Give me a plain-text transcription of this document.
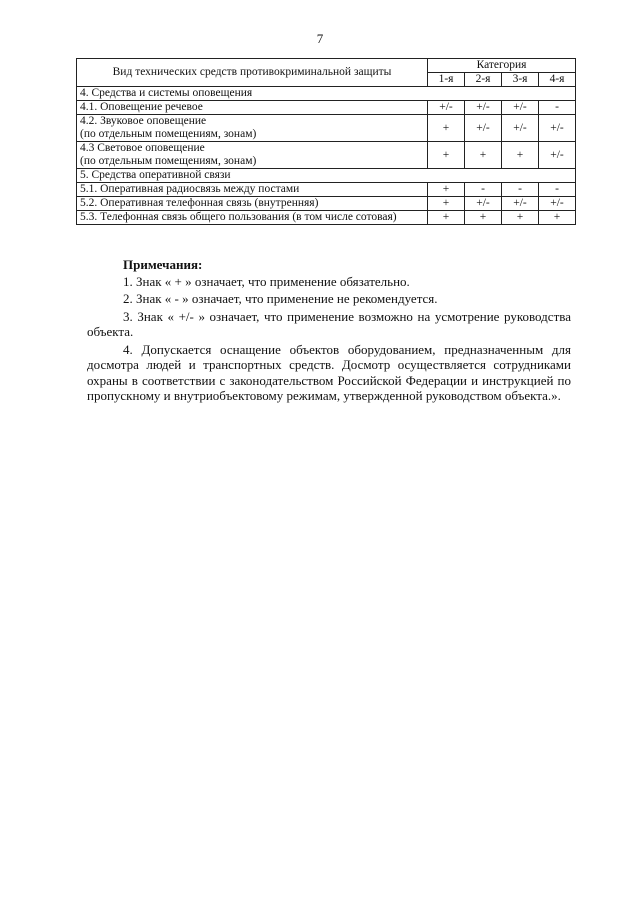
7
Вид технических средств противокриминальной защиты	Категория			
	1-я	2-я	3-я	4-я
4. Средства и системы оповещения				
4.1. Оповещение речевое	+/-	+/-	+/-	-
4.2. Звуковое оповещение
(по отдельным помещениям, зонам)	+	+/-	+/-	+/-
4.3 Световое оповещение
(по отдельным помещениям, зонам)	+	+	+	+/-
5. Средства оперативной связи				
5.1. Оперативная радиосвязь между постами	+	-	-	-
5.2. Оперативная телефонная связь (внутренняя)	+	+/-	+/-	+/-
5.3. Телефонная связь общего пользования (в том числе сотовая)	+	+	+	+
Примечания:

1. Знак « + » означает, что применение обязательно.

2. Знак « - » означает, что применение не рекомендуется.

3. Знак « +/- » означает, что применение возможно на усмотрение руководства объекта.

4. Допускается оснащение объектов оборудованием, предназначенным для досмотра людей и транспортных средств. Досмотр осуществляется сотрудниками охраны в соответствии с законодательством Российской Федерации и инструкцией по пропускному и внутриобъектовому режимам, утвержденной руководством объекта.».
